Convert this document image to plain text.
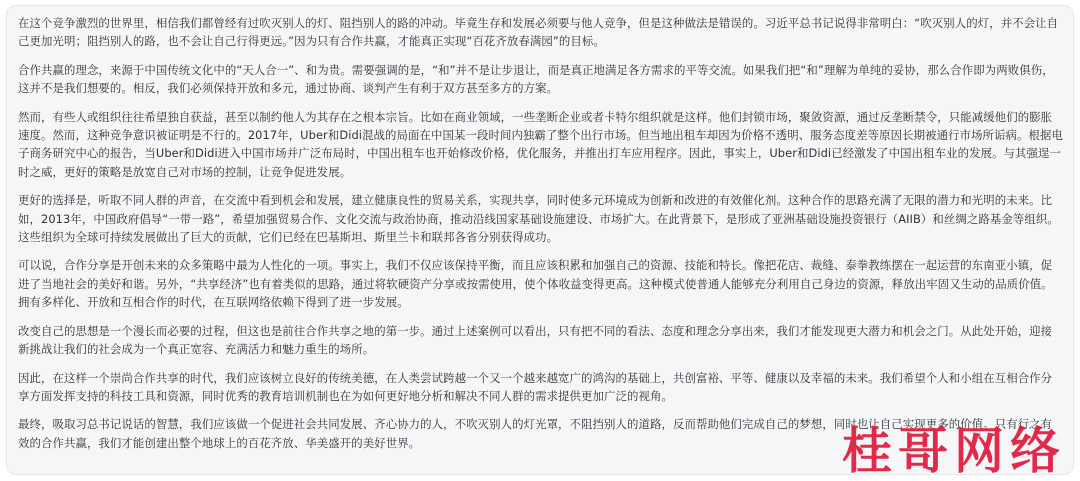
在这个竞争激烈的世界里，相信我们都曾经有过吹灭别人的灯、阻挡别人的路的冲动。毕竟生存和发展必须要与他人竞争，但是这种做法是错误的。习近平总书记说得非常明白：“吹灭别人的灯，并不会让自己更加光明；阻挡别人的路，也不会让自己行得更远。”因为只有合作共赢，才能真正实现“百花齐放春满园”的目标。

合作共赢的理念，来源于中国传统文化中的“天人合一”、和为贵。需要强调的是，“和”并不是让步退让，而是真正地满足各方需求的平等交流。如果我们把“和”理解为单纯的妥协，那么合作即为两败俱伤，这并不是我们想要的。相反，我们必须保持开放和多元，通过协商、谈判产生有利于双方甚至多方的方案。

然而，有些人或组织往往希望独自获益，甚至以制约他人为其存在之根本宗旨。比如在商业领域，一些垄断企业或者卡特尔组织就是这样。他们封锁市场，聚敛资源，通过反垄断禁令，只能减缓他们的膨胀速度。然而，这种竞争意识被证明是不行的。2017年，Uber和Didi混战的局面在中国某一段时间内独霸了整个出行市场。但当地出租车却因为价格不透明、服务态度差等原因长期被通行市场所诟病。根据电子商务研究中心的报告，当Uber和Didi进入中国市场并广泛布局时，中国出租车也开始修改价格，优化服务，并推出打车应用程序。因此，事实上，Uber和Didi已经激发了中国出租车业的发展。与其强逞一时之威，更好的策略是放宽自己对市场的控制，让竞争促进发展。

更好的选择是，听取不同人群的声音，在交流中看到机会和发展，建立健康良性的贸易关系，实现共享，同时使多元环境成为创新和改进的有效催化剂。这种合作的思路充满了无限的潜力和光明的未来。比如，2013年，中国政府倡导“一带一路”，希望加强贸易合作、文化交流与政治协商，推动沿线国家基础设施建设、市场扩大。在此背景下，是形成了亚洲基础设施投资银行（AIIB）和丝绸之路基金等组织。这些组织为全球可持续发展做出了巨大的贡献，它们已经在巴基斯坦、斯里兰卡和联邦各省分别获得成功。

可以说，合作分享是开创未来的众多策略中最为人性化的一项。事实上，我们不仅应该保持平衡，而且应该积累和加强自己的资源、技能和特长。像把花店、裁缝、泰拳教练摆在一起运营的东南亚小镇，促进了当地社会的美好和谐。另外，“共享经济”也有着类似的思路，通过将软硬资产分享或按需使用，使个体收益变得更高。这种模式使普通人能够充分利用自己身边的资源，释放出牢固又生动的品质价值。拥有多样化、开放和互相合作的时代，在互联网络依赖下得到了进一步发展。

改变自己的思想是一个漫长而必要的过程，但这也是前往合作共享之地的第一步。通过上述案例可以看出，只有把不同的看法、态度和理念分享出来，我们才能发现更大潜力和机会之门。从此处开始，迎接新挑战让我们的社会成为一个真正宽容、充满活力和魅力重生的场所。

因此，在这样一个崇尚合作共享的时代，我们应该树立良好的传统美德，在人类尝试跨越一个又一个越来越宽广的鸿沟的基础上，共创富裕、平等、健康以及幸福的未来。我们希望个人和小组在互相合作分享方面发挥支持的科技工具和资源，同时优秀的教育培训机制也在为如何更好地分析和解决不同人群的需求提供更加广泛的视角。

最终，吸取习总书记说话的智慧，我们应该做一个促进社会共同发展、齐心协力的人，不吹灭别人的灯光罩，不阻挡别人的道路，反而帮助他们完成自己的梦想，同时也让自己实现更多的价值。只有行之有效的合作共赢，我们才能创建出整个地球上的百花齐放、华美盛开的美好世界。	桂哥网络
